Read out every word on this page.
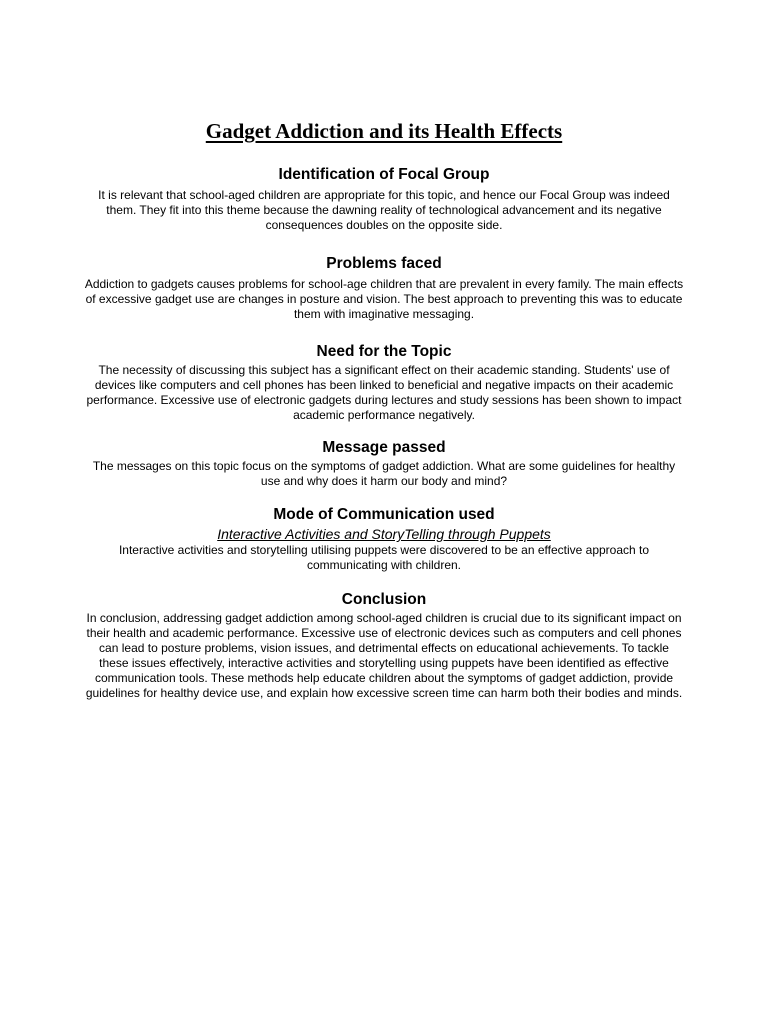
Gadget Addiction and its Health Effects
Identification of Focal Group

It is relevant that school-aged children are appropriate for this topic, and hence our Focal Group was indeed them. They fit into this theme because the dawning reality of technological advancement and its negative consequences doubles on the opposite side.

Problems faced

Addiction to gadgets causes problems for school-age children that are prevalent in every family. The main effects of excessive gadget use are changes in posture and vision. The best approach to preventing this was to educate them with imaginative messaging.

Need for the Topic

The necessity of discussing this subject has a significant effect on their academic standing. Students' use of devices like computers and cell phones has been linked to beneficial and negative impacts on their academic performance. Excessive use of electronic gadgets during lectures and study sessions has been shown to impact academic performance negatively.

Message passed

The messages on this topic focus on the symptoms of gadget addiction. What are some guidelines for healthy use and why does it harm our body and mind?

Mode of Communication used

Interactive Activities and StoryTelling through Puppets

Interactive activities and storytelling utilising puppets were discovered to be an effective approach to communicating with children.

Conclusion

In conclusion, addressing gadget addiction among school-aged children is crucial due to its significant impact on their health and academic performance. Excessive use of electronic devices such as computers and cell phones can lead to posture problems, vision issues, and detrimental effects on educational achievements. To tackle these issues effectively, interactive activities and storytelling using puppets have been identified as effective communication tools. These methods help educate children about the symptoms of gadget addiction, provide guidelines for healthy device use, and explain how excessive screen time can harm both their bodies and minds.
